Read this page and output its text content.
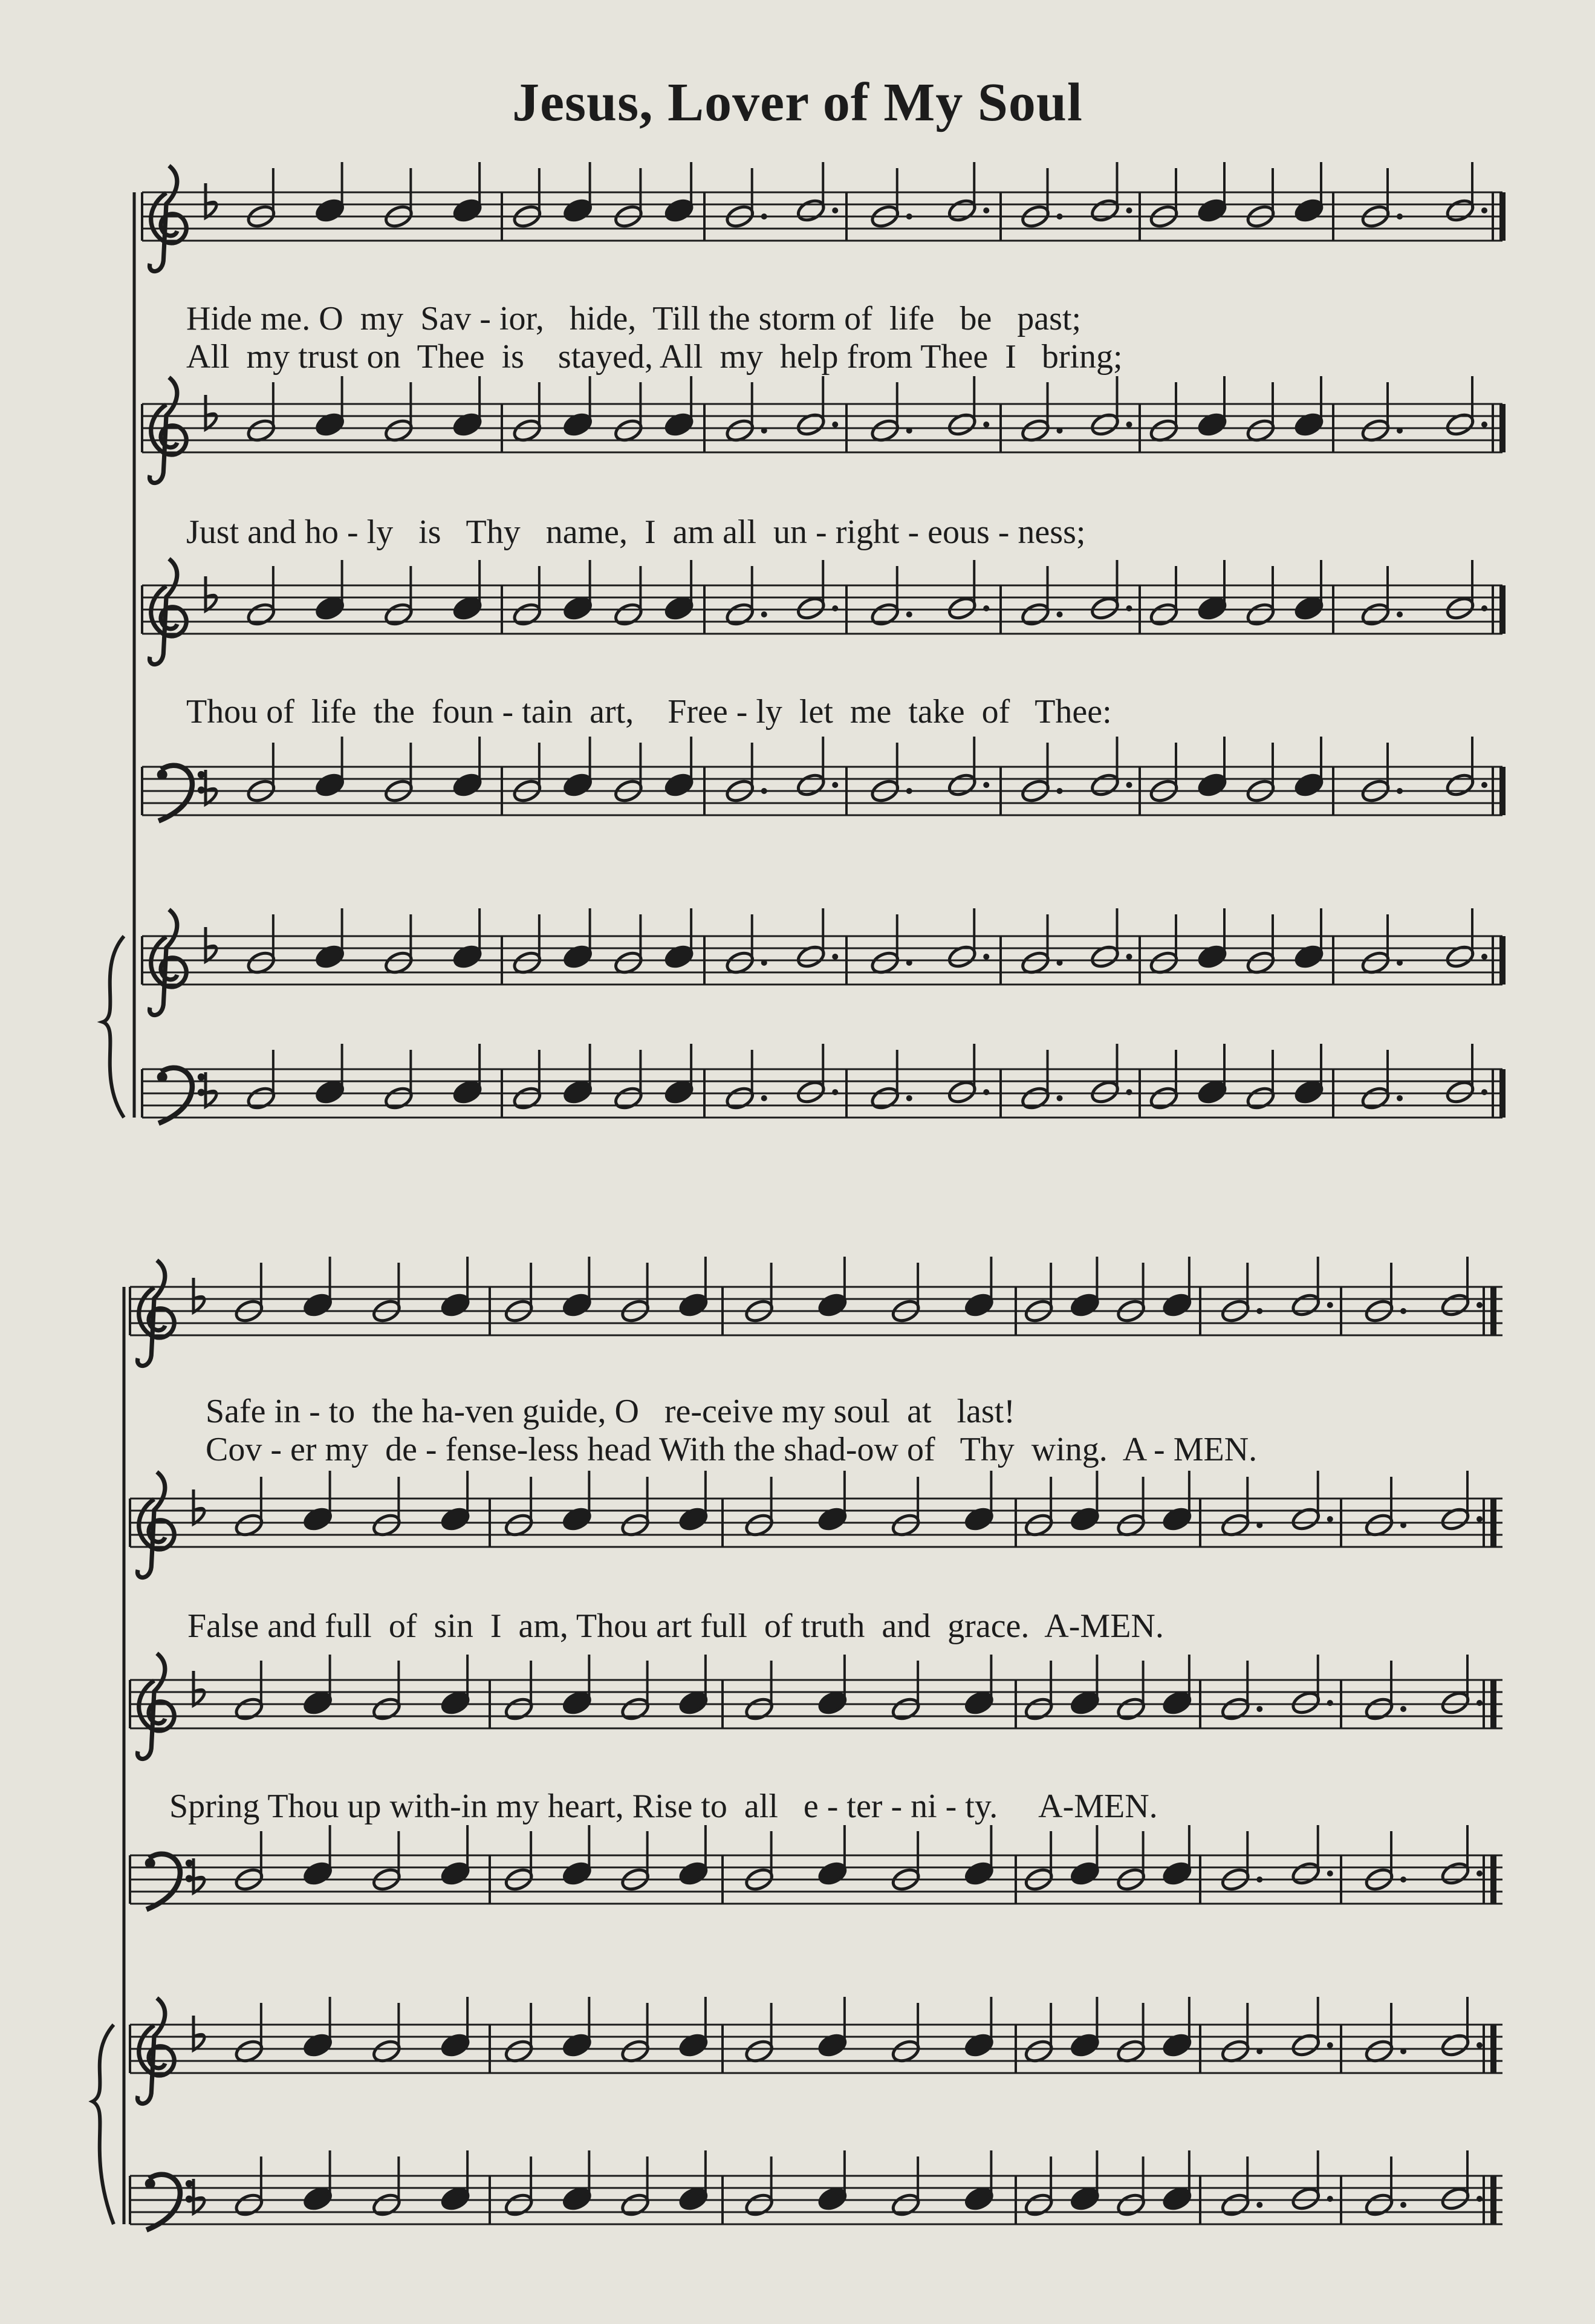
Jesus, Lover of My Soul
Hide me. O  my  Sav - ior,   hide,  Till the storm of  life   be   past;
All  my trust on  Thee  is    stayed, All  my  help from Thee  I   bring;
Just and ho - ly   is   Thy   name,  I  am all  un - right - eous - ness;
Thou of  life  the  foun - tain  art,    Free - ly  let  me  take  of   Thee:
Safe in - to  the ha-ven guide, O   re-ceive my soul  at   last!
Cov - er my  de - fense-less head With the shad-ow of   Thy  wing.  A - MEN.
False and full  of  sin  I  am, Thou art full  of truth  and  grace.  A-MEN.
Spring Thou up with-in my heart, Rise to  all   e - ter - ni - ty.     A-MEN.
